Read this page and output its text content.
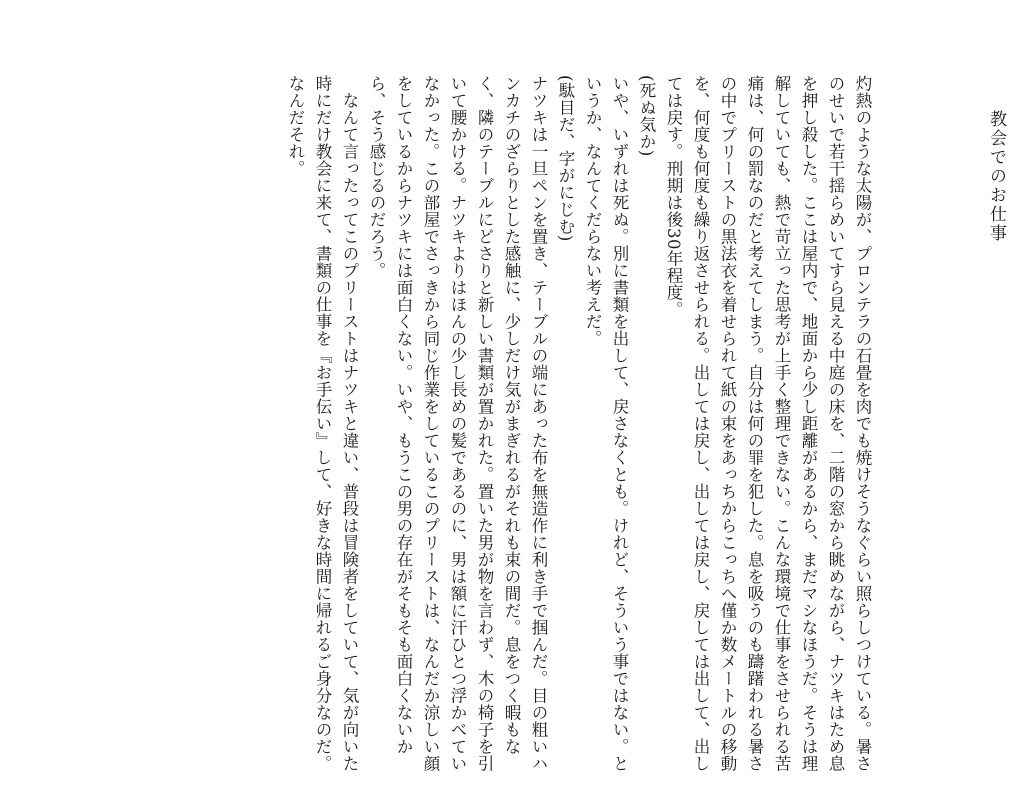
教会でのお仕事

灼熱のような太陽が、プロンテラの石畳を肉でも焼けそうなぐらい照らしつけている。暑さのせいで若干揺らめいてすら見える中庭の床を、二階の窓から眺めながら、ナツキはため息を押し殺した。ここは屋内で、地面から少し距離があるから、まだマシなほうだ。そうは理解していても、熱で苛立った思考が上手く整理できない。こんな環境で仕事をさせられる苦痛は、何の罰なのだと考えてしまう。自分は何の罪を犯した。息を吸うのも躊躇われる暑さの中でプリーストの黒法衣を着せられて紙の束をあっちからこっちへ僅か数メートルの移動を、何度も何度も繰り返させられる。出しては戻し、出しては戻し、戻しては出して、出しては戻す。刑期は後30年程度。

(死ぬ気か)

いや、いずれは死ぬ。別に書類を出して、戻さなくとも。けれど、そういう事ではない。というか、なんてくだらない考えだ。

(駄目だ、字がにじむ)

ナツキは一旦ペンを置き、テーブルの端にあった布を無造作に利き手で掴んだ。目の粗いハンカチのざらりとした感触に、少しだけ気がまぎれるがそれも束の間だ。息をつく暇もなく、隣のテーブルにどさりと新しい書類が置かれた。置いた男が物を言わず、木の椅子を引いて腰かける。ナツキよりはほんの少し長めの髪であるのに、男は額に汗ひとつ浮かべていなかった。この部屋でさっきから同じ作業をしているこのプリーストは、なんだか涼しい顔をしているからナツキには面白くない。いや、もうこの男の存在がそもそも面白くないから、そう感じるのだろう。

　なんて言ったってこのプリーストはナツキと違い、普段は冒険者をしていて、気が向いた時にだけ教会に来て、書類の仕事を『お手伝い』して、好きな時間に帰れるご身分なのだ。なんだそれ。
